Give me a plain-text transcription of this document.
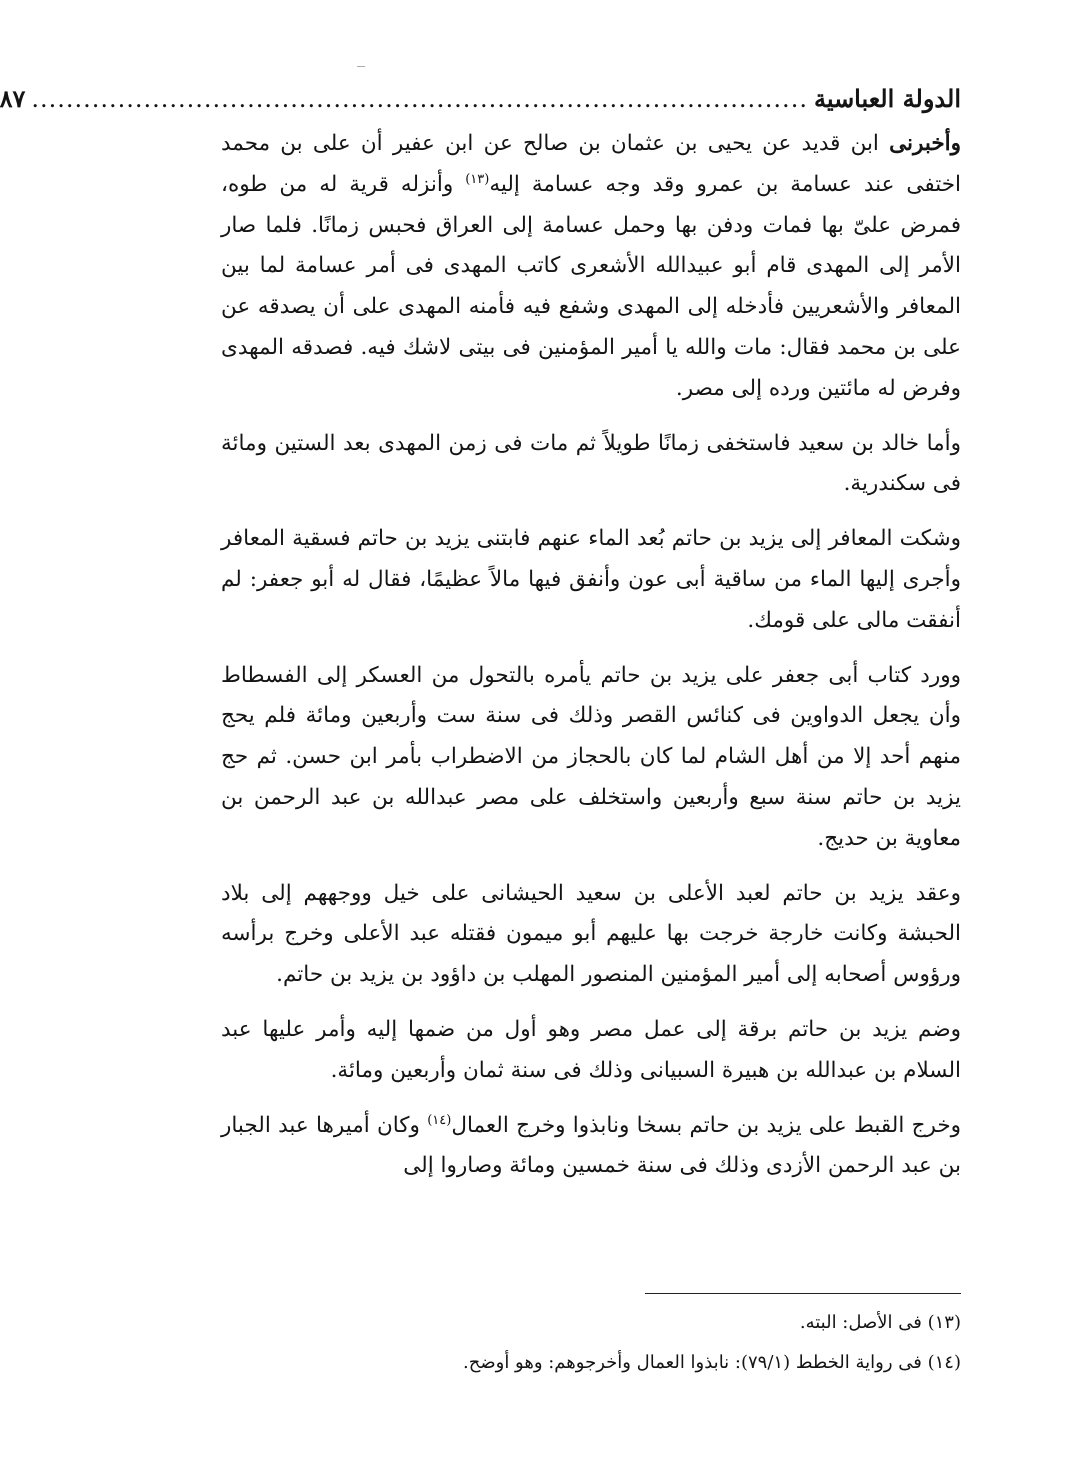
الدولة العباسية
..........................................................................................
٨٧

وأخبرنى ابن قديد عن يحيى بن عثمان بن صالح عن ابن عفير أن على بن محمد اختفى عند عسامة بن عمرو وقد وجه عسامة إليه$^{(١٣)}$ وأنزله قرية له من طوه، فمرض علىّ بها فمات ودفن بها وحمل عسامة إلى العراق فحبس زمانًا. فلما صار الأمر إلى المهدى قام أبو عبيدالله الأشعرى كاتب المهدى فى أمر عسامة لما بين المعافر والأشعريين فأدخله إلى المهدى وشفع فيه فأمنه المهدى على أن يصدقه عن على بن محمد فقال: مات والله يا أمير المؤمنين فى بيتى لاشك فيه. فصدقه المهدى وفرض له مائتين ورده إلى مصر.

وأما خالد بن سعيد فاستخفى زمانًا طويلاً ثم مات فى زمن المهدى بعد الستين ومائة فى سكندرية.

وشكت المعافر إلى يزيد بن حاتم بُعد الماء عنهم فابتنى يزيد بن حاتم فسقية المعافر وأجرى إليها الماء من ساقية أبى عون وأنفق فيها مالاً عظيمًا، فقال له أبو جعفر: لم أنفقت مالى على قومك.

وورد كتاب أبى جعفر على يزيد بن حاتم يأمره بالتحول من العسكر إلى الفسطاط وأن يجعل الدواوين فى كنائس القصر وذلك فى سنة ست وأربعين ومائة فلم يحج منهم أحد إلا من أهل الشام لما كان بالحجاز من الاضطراب بأمر ابن حسن. ثم حج يزيد بن حاتم سنة سبع وأربعين واستخلف على مصر عبدالله بن عبد الرحمن بن معاوية بن حديج.

وعقد يزيد بن حاتم لعبد الأعلى بن سعيد الحيشانى على خيل ووجههم إلى بلاد الحبشة وكانت خارجة خرجت بها عليهم أبو ميمون فقتله عبد الأعلى وخرج برأسه ورؤوس أصحابه إلى أمير المؤمنين المنصور المهلب بن داؤود بن يزيد بن حاتم.

وضم يزيد بن حاتم برقة إلى عمل مصر وهو أول من ضمها إليه وأمر عليها عبد السلام بن عبدالله بن هبيرة السبيانى وذلك فى سنة ثمان وأربعين ومائة.

وخرج القبط على يزيد بن حاتم بسخا ونابذوا وخرج العمال$^{(١٤)}$ وكان أميرها عبد الجبار بن عبد الرحمن الأزدى وذلك فى سنة خمسين ومائة وصاروا إلى

(١٣) فى الأصل: البته.

(١٤) فى رواية الخطط (٧٩/١): نابذوا العمال وأخرجوهم: وهو أوضح.
